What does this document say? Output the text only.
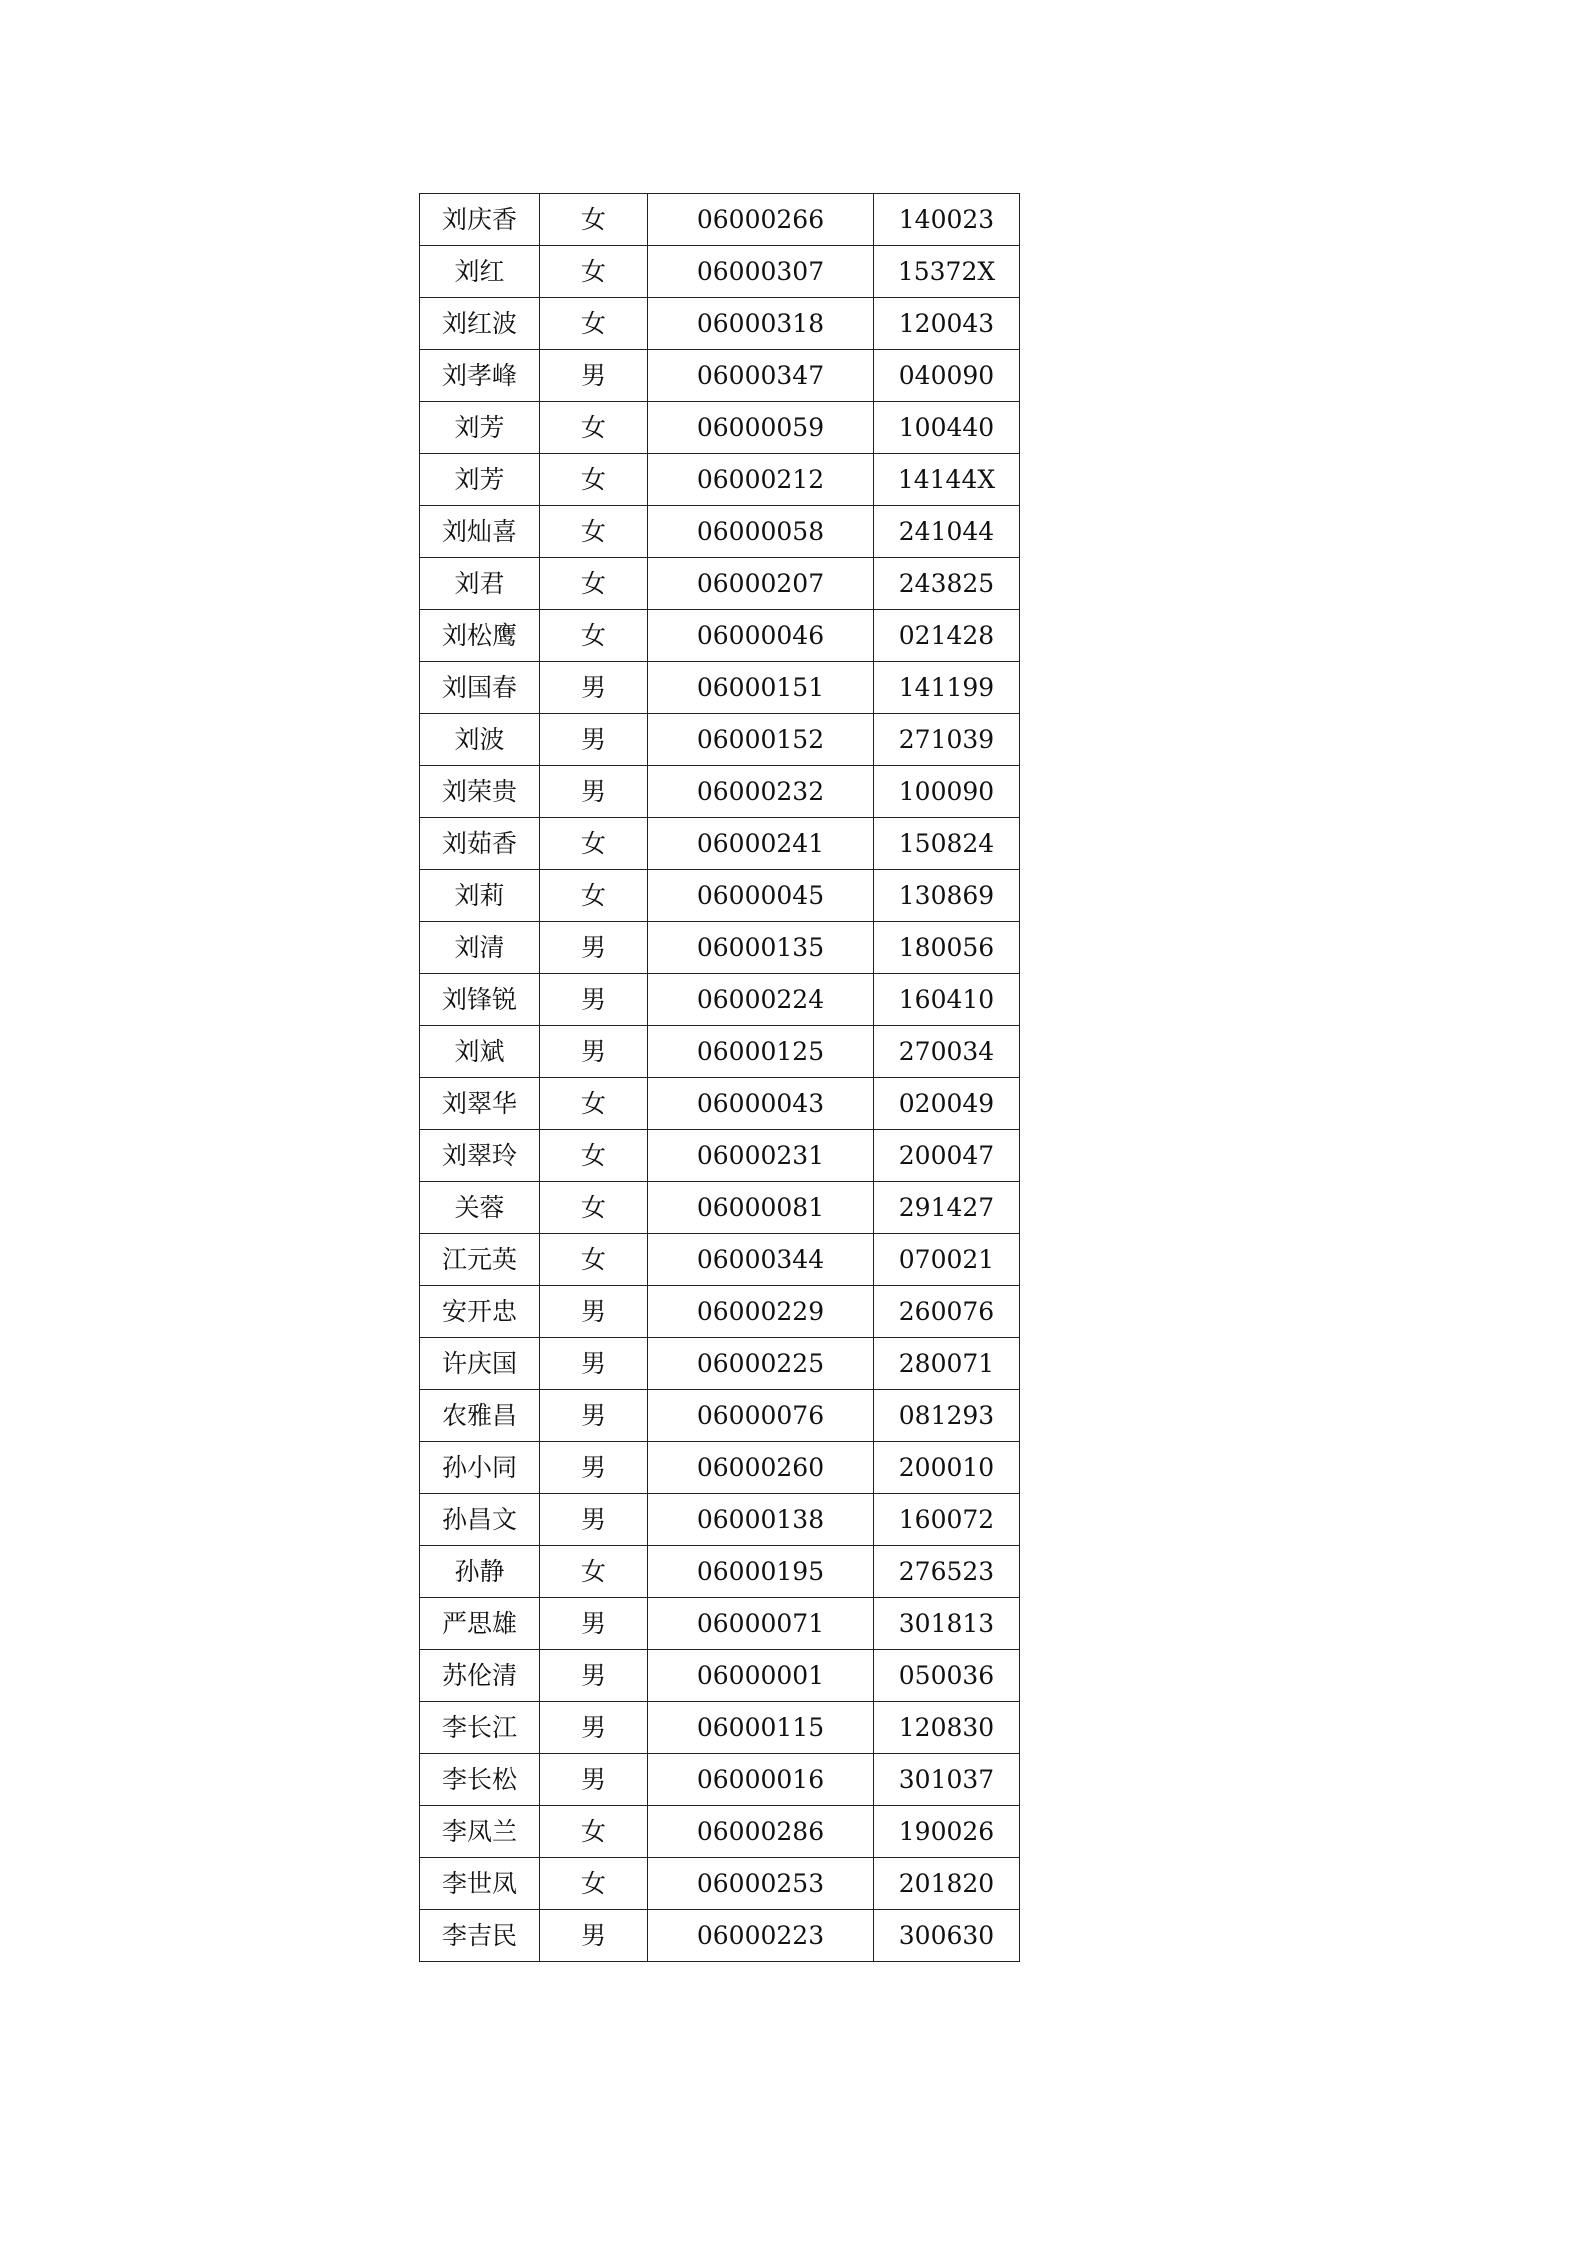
刘庆香	女	06000266	140023
刘红	女	06000307	15372X
刘红波	女	06000318	120043
刘孝峰	男	06000347	040090
刘芳	女	06000059	100440
刘芳	女	06000212	14144X
刘灿喜	女	06000058	241044
刘君	女	06000207	243825
刘松鹰	女	06000046	021428
刘国春	男	06000151	141199
刘波	男	06000152	271039
刘荣贵	男	06000232	100090
刘茹香	女	06000241	150824
刘莉	女	06000045	130869
刘清	男	06000135	180056
刘锋锐	男	06000224	160410
刘斌	男	06000125	270034
刘翠华	女	06000043	020049
刘翠玲	女	06000231	200047
关蓉	女	06000081	291427
江元英	女	06000344	070021
安开忠	男	06000229	260076
许庆国	男	06000225	280071
农雅昌	男	06000076	081293
孙小同	男	06000260	200010
孙昌文	男	06000138	160072
孙静	女	06000195	276523
严思雄	男	06000071	301813
苏伦清	男	06000001	050036
李长江	男	06000115	120830
李长松	男	06000016	301037
李凤兰	女	06000286	190026
李世凤	女	06000253	201820
李吉民	男	06000223	300630
